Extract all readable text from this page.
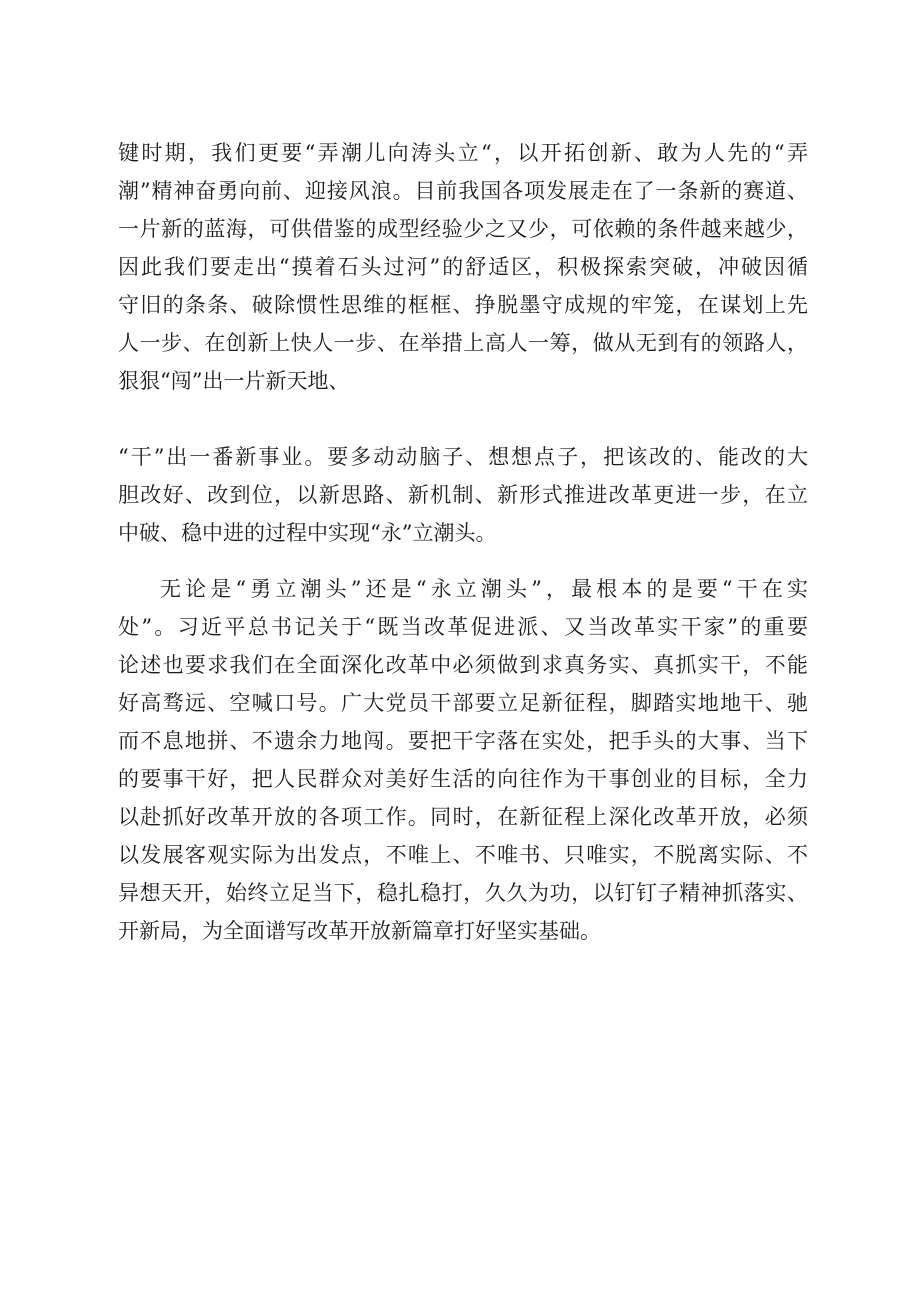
键时期，我们更要“弄潮儿向涛头立“，以开拓创新、敢为人先的“弄
潮”精神奋勇向前、迎接风浪。目前我国各项发展走在了一条新的赛道、
一片新的蓝海，可供借鉴的成型经验少之又少，可依赖的条件越来越少，
因此我们要走出“摸着石头过河”的舒适区，积极探索突破，冲破因循
守旧的条条、破除惯性思维的框框、挣脱墨守成规的牢笼，在谋划上先
人一步、在创新上快人一步、在举措上高人一筹，做从无到有的领路人，
狠狠“闯”出一片新天地、
“干”出一番新事业。要多动动脑子、想想点子，把该改的、能改的大
胆改好、改到位，以新思路、新机制、新形式推进改革更进一步，在立
中破、稳中进的过程中实现“永”立潮头。
无论是“勇立潮头”还是“永立潮头”，最根本的是要“干在实
处”。习近平总书记关于“既当改革促进派、又当改革实干家”的重要
论述也要求我们在全面深化改革中必须做到求真务实、真抓实干，不能
好高骛远、空喊口号。广大党员干部要立足新征程，脚踏实地地干、驰
而不息地拼、不遗余力地闯。要把干字落在实处，把手头的大事、当下
的要事干好，把人民群众对美好生活的向往作为干事创业的目标，全力
以赴抓好改革开放的各项工作。同时，在新征程上深化改革开放，必须
以发展客观实际为出发点，不唯上、不唯书、只唯实，不脱离实际、不
异想天开，始终立足当下，稳扎稳打，久久为功，以钉钉子精神抓落实、
开新局，为全面谱写改革开放新篇章打好坚实基础。
